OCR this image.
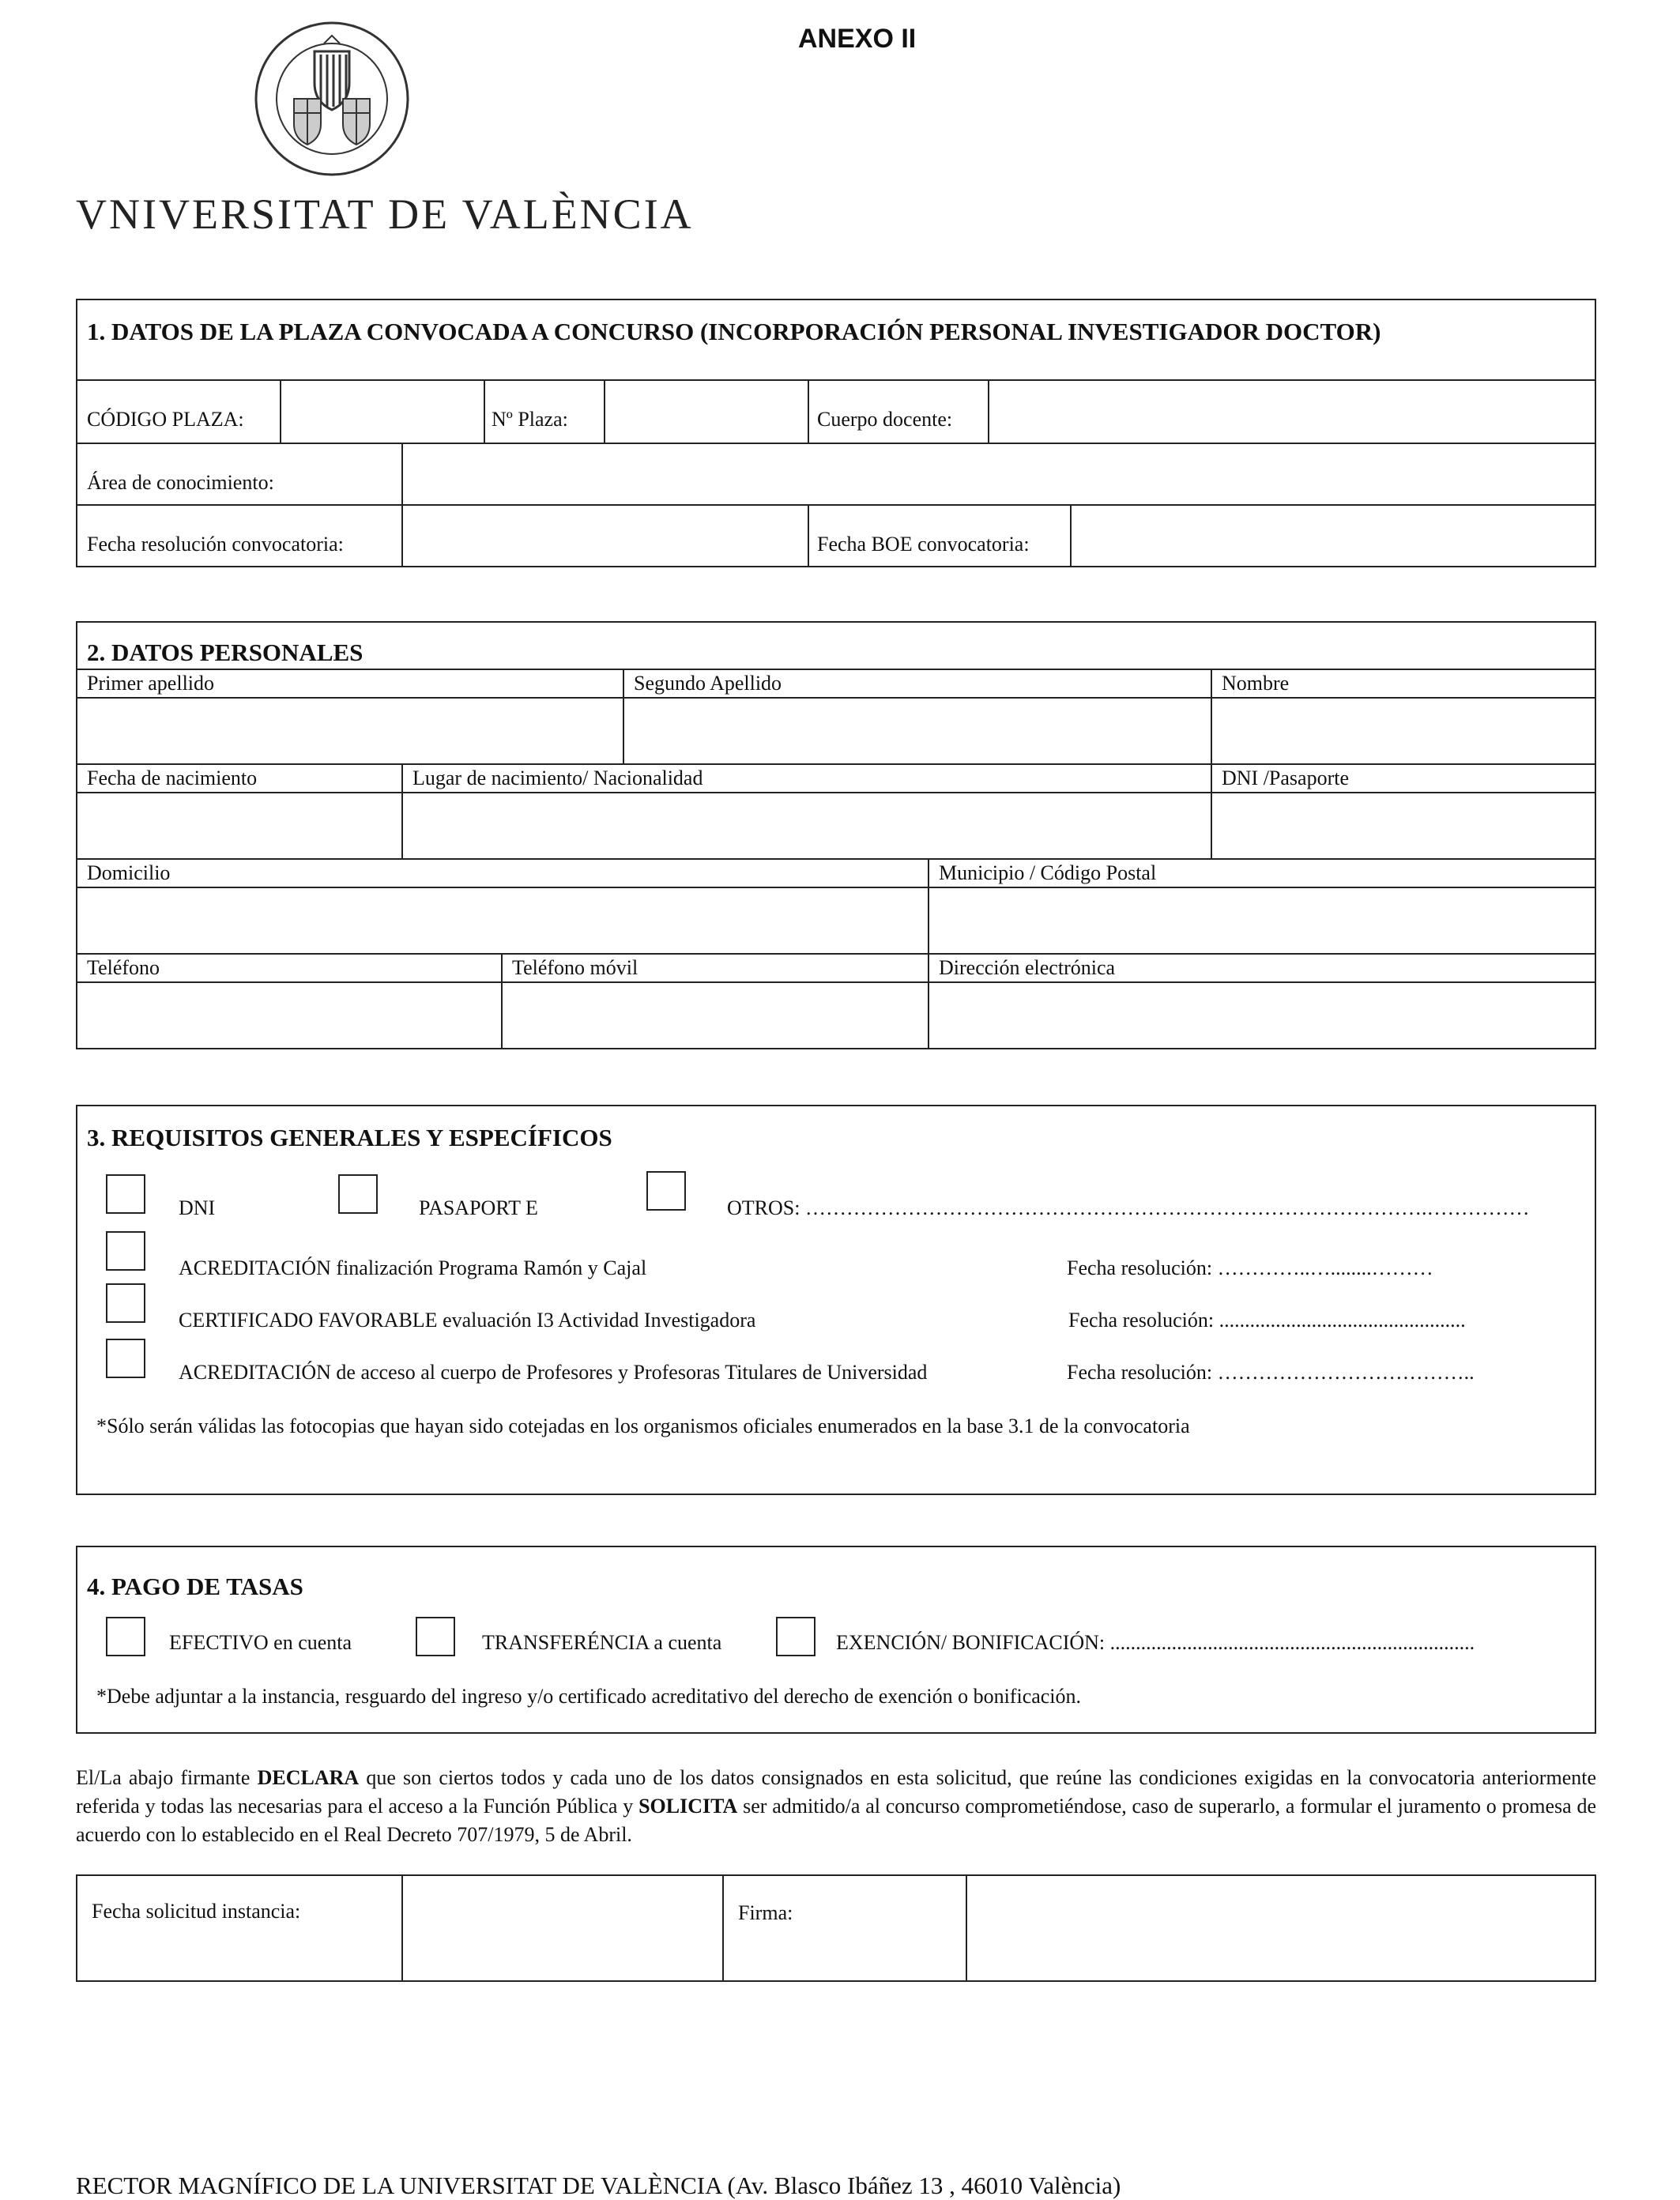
ANEXO II
VNIVERSITAT DE VALÈNCIA
1. DATOS DE LA PLAZA CONVOCADA A CONCURSO (INCORPORACIÓN PERSONAL INVESTIGADOR DOCTOR)
CÓDIGO PLAZA:	Nº Plaza:	Cuerpo docente:
Área de conocimiento:
Fecha resolución convocatoria:	Fecha BOE convocatoria:
2. DATOS PERSONALES
Primer apellido	Segundo Apellido	Nombre
Fecha de nacimiento	Lugar de nacimiento/ Nacionalidad	DNI /Pasaporte
Domicilio	Municipio / Código Postal
Teléfono	Teléfono móvil	Dirección electrónica
3. REQUISITOS GENERALES Y ESPECÍFICOS
DNI	PASAPORT E	OTROS: ……………………………………………………………………………….……………
ACREDITACIÓN finalización Programa Ramón y Cajal	Fecha resolución: …………..…........………
CERTIFICADO FAVORABLE evaluación I3 Actividad Investigadora	Fecha resolución: ................................................
ACREDITACIÓN de acceso al cuerpo de Profesores y Profesoras Titulares de Universidad	Fecha resolución: ………………………………..
*Sólo serán válidas las fotocopias que hayan sido cotejadas en los organismos oficiales enumerados en la base 3.1 de la convocatoria
4. PAGO DE TASAS
EFECTIVO en cuenta	TRANSFERÉNCIA a cuenta	EXENCIÓN/ BONIFICACIÓN: .......................................................................
*Debe adjuntar a la instancia, resguardo del ingreso y/o certificado acreditativo del derecho de exención o bonificación.
El/La abajo firmante DECLARA que son ciertos todos y cada uno de los datos consignados en esta solicitud, que reúne las condiciones exigidas en la convocatoria anteriormente referida y todas las necesarias para el acceso a la Función Pública y SOLICITA ser admitido/a al concurso comprometiéndose, caso de superarlo, a formular el juramento o promesa de acuerdo con lo establecido en el Real Decreto 707/1979, 5 de Abril.
Fecha solicitud instancia:	Firma:
RECTOR MAGNÍFICO DE LA UNIVERSITAT DE VALÈNCIA (Av. Blasco Ibáñez 13 , 46010 València)
